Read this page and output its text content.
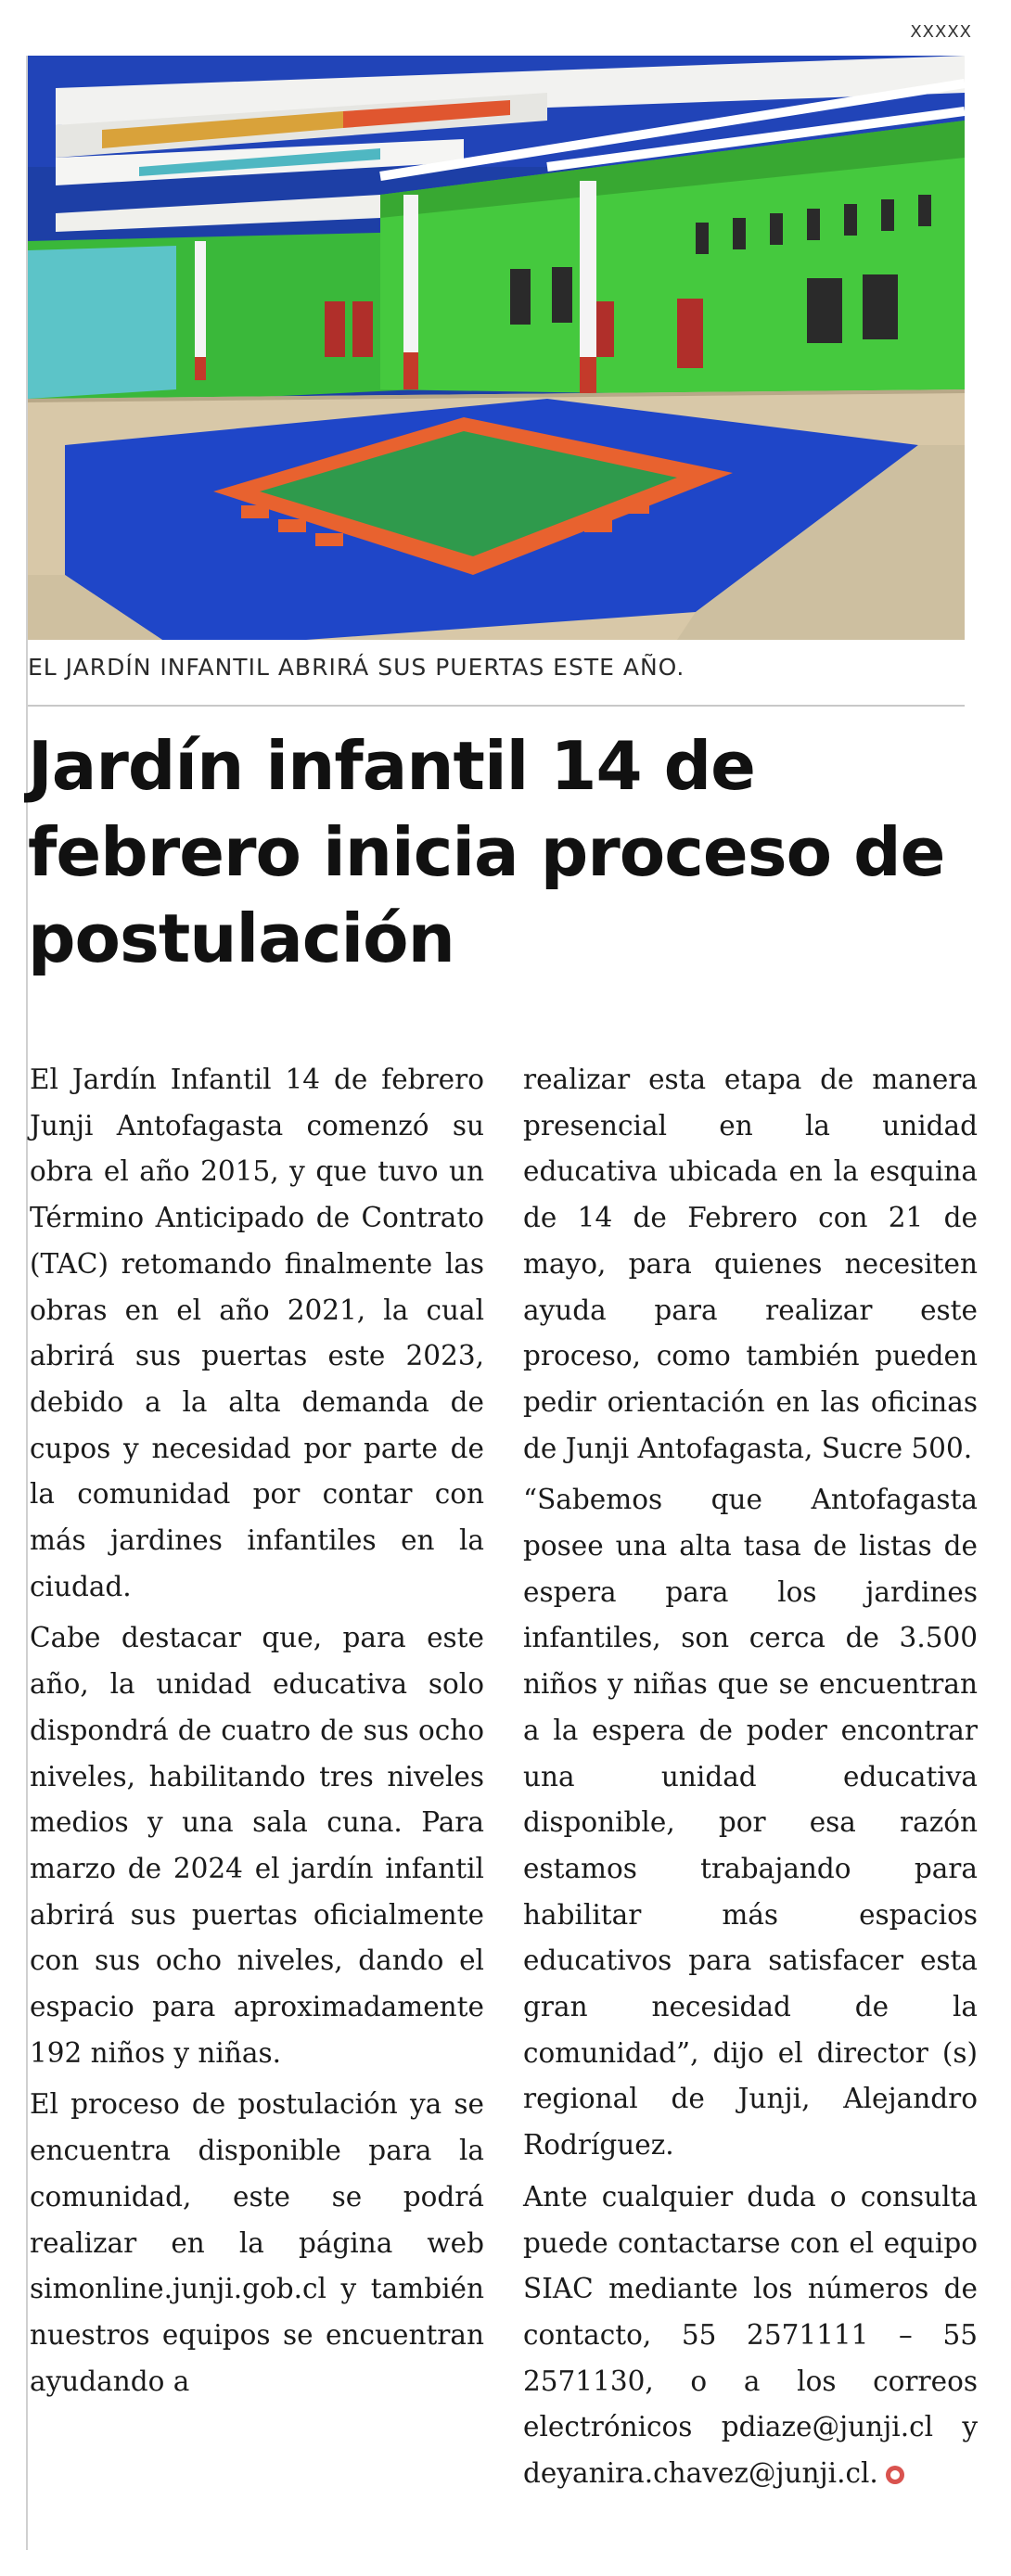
XXXXX
EL JARDÍN INFANTIL ABRIRÁ SUS PUERTAS ESTE AÑO.
Jardín infantil 14 de
febrero inicia proceso de
postulación

El Jardín Infantil 14 de febrero Junji Antofagasta comenzó su obra el año 2015, y que tuvo un Término Anticipado de Contrato (TAC) retomando finalmente las obras en el año 2021, la cual abrirá sus puertas este 2023, debido a la alta demanda de cupos y necesidad por parte de la comunidad por contar con más jardines infantiles en la ciudad.

Cabe destacar que, para este año, la unidad educativa solo dispondrá de cuatro de sus ocho niveles, habilitando tres niveles medios y una sala cuna. Para marzo de 2024 el jardín infantil abrirá sus puertas oficialmente con sus ocho niveles, dando el espacio para aproximadamente 192 niños y niñas.

El proceso de postulación ya se encuentra disponible para la comunidad, este se podrá realizar en la página web simonline.junji.gob.cl y también nuestros equipos se encuentran ayudando a

realizar esta etapa de manera presencial en la unidad educativa ubicada en la esquina de 14 de Febrero con 21 de mayo, para quienes necesiten ayuda para realizar este proceso, como también pueden pedir orientación en las oficinas de Junji Antofagasta, Sucre 500.

“Sabemos que Antofagasta posee una alta tasa de listas de espera para los jardines infantiles, son cerca de 3.500 niños y niñas que se encuentran a la espera de poder encontrar una unidad educativa disponible, por esa razón estamos trabajando para habilitar más espacios educativos para satisfacer esta gran necesidad de la comunidad”, dijo el director (s) regional de Junji, Alejandro Rodríguez.

Ante cualquier duda o consulta puede contactarse con el equipo SIAC mediante los números de contacto, 55 2571111 – 55 2571130, o a los correos electrónicos pdiaze@junji.cl y deyanira.chavez@junji.cl.
